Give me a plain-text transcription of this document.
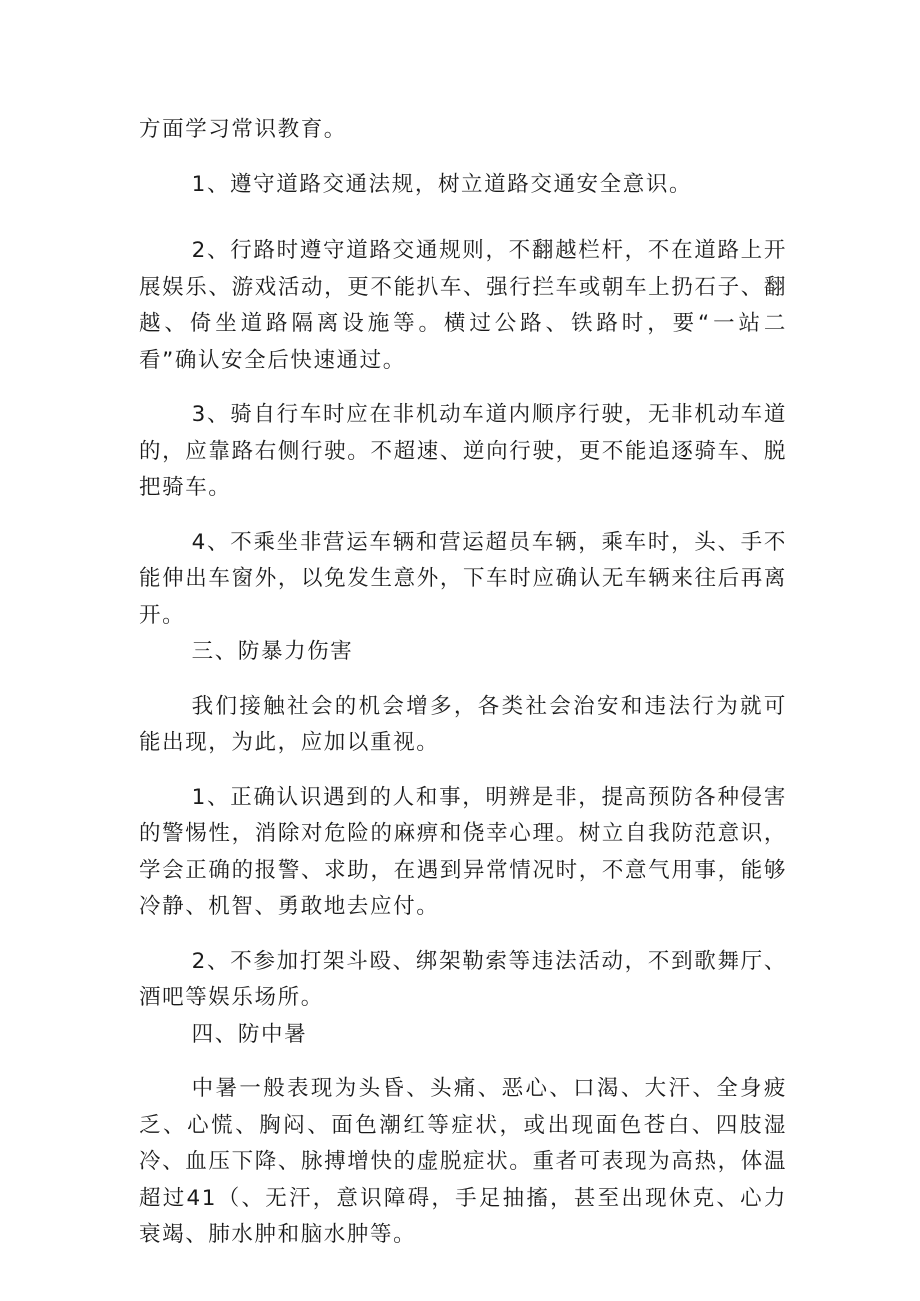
方面学习常识教育。

1、遵守道路交通法规，树立道路交通安全意识。

2、行路时遵守道路交通规则，不翻越栏杆，不在道路上开展娱乐、游戏活动，更不能扒车、强行拦车或朝车上扔石子、翻越、倚坐道路隔离设施等。横过公路、铁路时，要“一站二看”确认安全后快速通过。

3、骑自行车时应在非机动车道内顺序行驶，无非机动车道的，应靠路右侧行驶。不超速、逆向行驶，更不能追逐骑车、脱把骑车。

4、不乘坐非营运车辆和营运超员车辆，乘车时，头、手不能伸出车窗外，以免发生意外，下车时应确认无车辆来往后再离开。

三、防暴力伤害

我们接触社会的机会增多，各类社会治安和违法行为就可能出现，为此，应加以重视。

1、正确认识遇到的人和事，明辨是非，提高预防各种侵害的警惕性，消除对危险的麻痹和侥幸心理。树立自我防范意识，学会正确的报警、求助，在遇到异常情况时，不意气用事，能够冷静、机智、勇敢地去应付。

2、不参加打架斗殴、绑架勒索等违法活动，不到歌舞厅、酒吧等娱乐场所。

四、防中暑

中暑一般表现为头昏、头痛、恶心、口渴、大汗、全身疲乏、心慌、胸闷、面色潮红等症状，或出现面色苍白、四肢湿冷、血压下降、脉搏增快的虚脱症状。重者可表现为高热，体温超过41（、无汗，意识障碍，手足抽搐，甚至出现休克、心力衰竭、肺水肿和脑水肿等。
